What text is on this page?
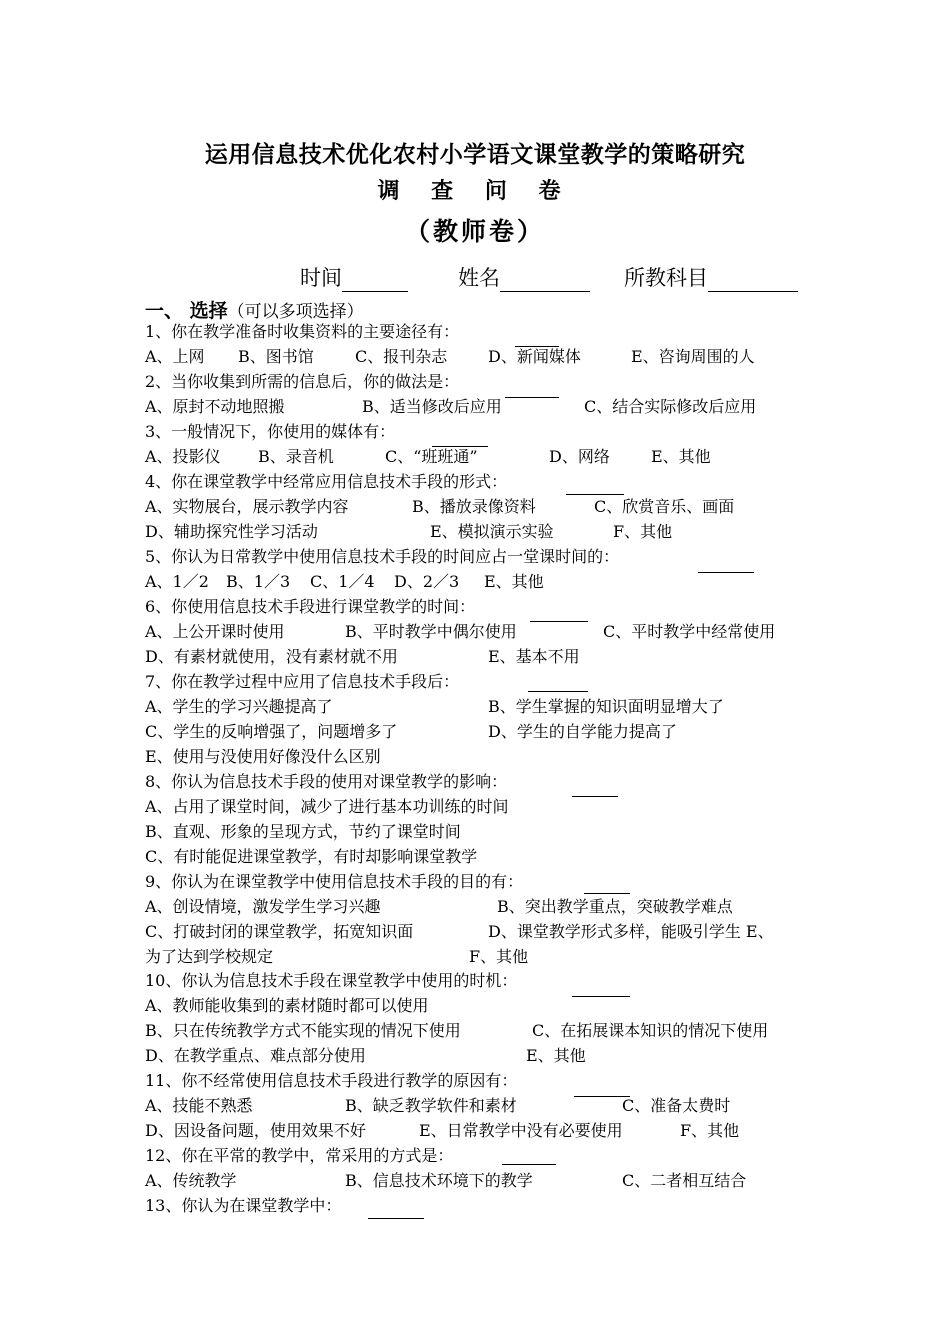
运用信息技术优化农村小学语文课堂教学的策略研究
调 查 问 卷
（教师卷）
时间	姓名	所教科目
一、 选择（可以多项选择）
1、你在教学准备时收集资料的主要途径有：
A、上网 B、图书馆	C、报刊杂志	D、新闻媒体	E、咨询周围的人
2、当你收集到所需的信息后，你的做法是：
A、原封不动地照搬	B、适当修改后应用	C、结合实际修改后应用
3、一般情况下，你使用的媒体有：
A、投影仪 B、录音机	C、“班班通”	D、网络	E、其他
4、你在课堂教学中经常应用信息技术手段的形式：
A、实物展台，展示教学内容	B、播放录像资料	C、欣赏音乐、画面
D、辅助探究性学习活动	E、模拟演示实验	F、其他
5、你认为日常教学中使用信息技术手段的时间应占一堂课时间的：
A、1／2 B、1／3 C、1／4 D、2／3 E、其他
6、你使用信息技术手段进行课堂教学的时间：
A、上公开课时使用	B、平时教学中偶尔使用	C、平时教学中经常使用
D、有素材就使用，没有素材就不用	E、基本不用
7、你在教学过程中应用了信息技术手段后：
A、学生的学习兴趣提高了	B、学生掌握的知识面明显增大了
C、学生的反响增强了，问题增多了	D、学生的自学能力提高了
E、使用与没使用好像没什么区别
8、你认为信息技术手段的使用对课堂教学的影响：
A、占用了课堂时间，减少了进行基本功训练的时间
B、直观、形象的呈现方式，节约了课堂时间
C、有时能促进课堂教学，有时却影响课堂教学
9、你认为在课堂教学中使用信息技术手段的目的有：
A、创设情境，激发学生学习兴趣	B、突出教学重点，突破教学难点
C、打破封闭的课堂教学，拓宽知识面	D、课堂教学形式多样，能吸引学生 E、
为了达到学校规定	F、其他
10、你认为信息技术手段在课堂教学中使用的时机：
A、教师能收集到的素材随时都可以使用
B、只在传统教学方式不能实现的情况下使用	C、在拓展课本知识的情况下使用
D、在教学重点、难点部分使用	E、其他
11、你不经常使用信息技术手段进行教学的原因有：
A、技能不熟悉	B、缺乏教学软件和素材	C、准备太费时
D、因设备问题，使用效果不好	E、日常教学中没有必要使用	F、其他
12、你在平常的教学中，常采用的方式是：
A、传统教学	B、信息技术环境下的教学	C、二者相互结合
13、你认为在课堂教学中：
